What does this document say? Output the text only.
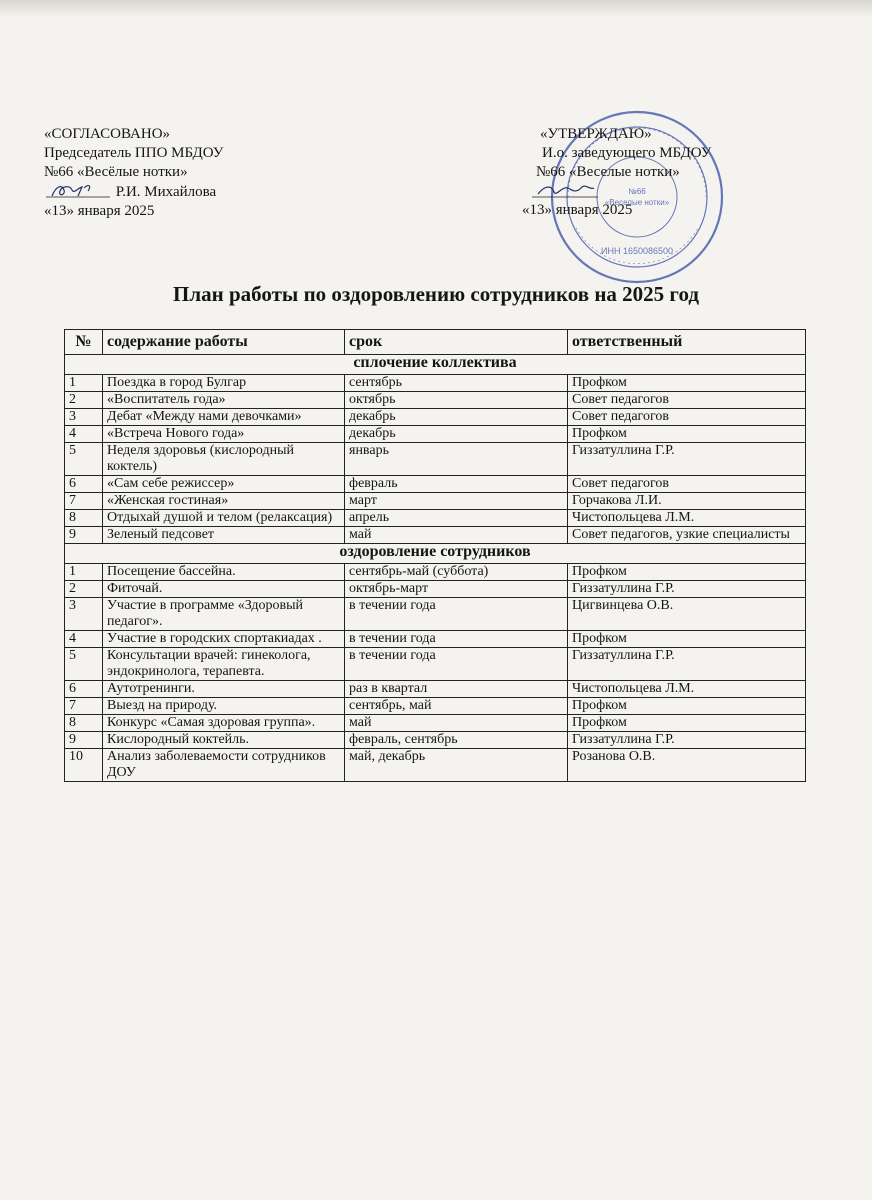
«СОГЛАСОВАНО»
Председатель ППО МБДОУ
№66 «Весёлые нотки»
Р.И. Михайлова
«13» января 2025
№66
«Веселые нотки»
ИНН 1650086500
«УТВЕРЖДАЮ»
И.о. заведующего МБДОУ
№66 «Веселые нотки»
«13» января 2025
План работы по оздоровлению сотрудников на 2025 год
№	содержание работы	срок	ответственный
сплочение коллектива			
1	Поездка в город Булгар	сентябрь	Профком
2	«Воспитатель года»	октябрь	Совет педагогов
3	Дебат «Между нами девочками»	декабрь	Совет педагогов
4	«Встреча Нового года»	декабрь	Профком
5	Неделя здоровья (кислородный коктель)	январь	Гиззатуллина Г.Р.
6	«Сам себе режиссер»	февраль	Совет педагогов
7	«Женская гостиная»	март	Горчакова Л.И.
8	Отдыхай душой и телом (релаксация)	апрель	Чистопольцева Л.М.
9	Зеленый педсовет	май	Совет педагогов, узкие специалисты
оздоровление сотрудников			
1	Посещение бассейна.	сентябрь-май (суббота)	Профком
2	Фиточай.	октябрь-март	Гиззатуллина Г.Р.
3	Участие в программе «Здоровый педагог».	в течении года	Цигвинцева О.В.
4	Участие в городских спортакиадах .	в течении года	Профком
5	Консультации врачей: гинеколога, эндокринолога, терапевта.	в течении года	Гиззатуллина Г.Р.
6	Аутотренинги.	раз в квартал	Чистопольцева Л.М.
7	Выезд на природу.	сентябрь, май	Профком
8	Конкурс «Самая здоровая группа».	май	Профком
9	Кислородный коктейль.	февраль, сентябрь	Гиззатуллина Г.Р.
10	Анализ заболеваемости сотрудников ДОУ	май, декабрь	Розанова О.В.
